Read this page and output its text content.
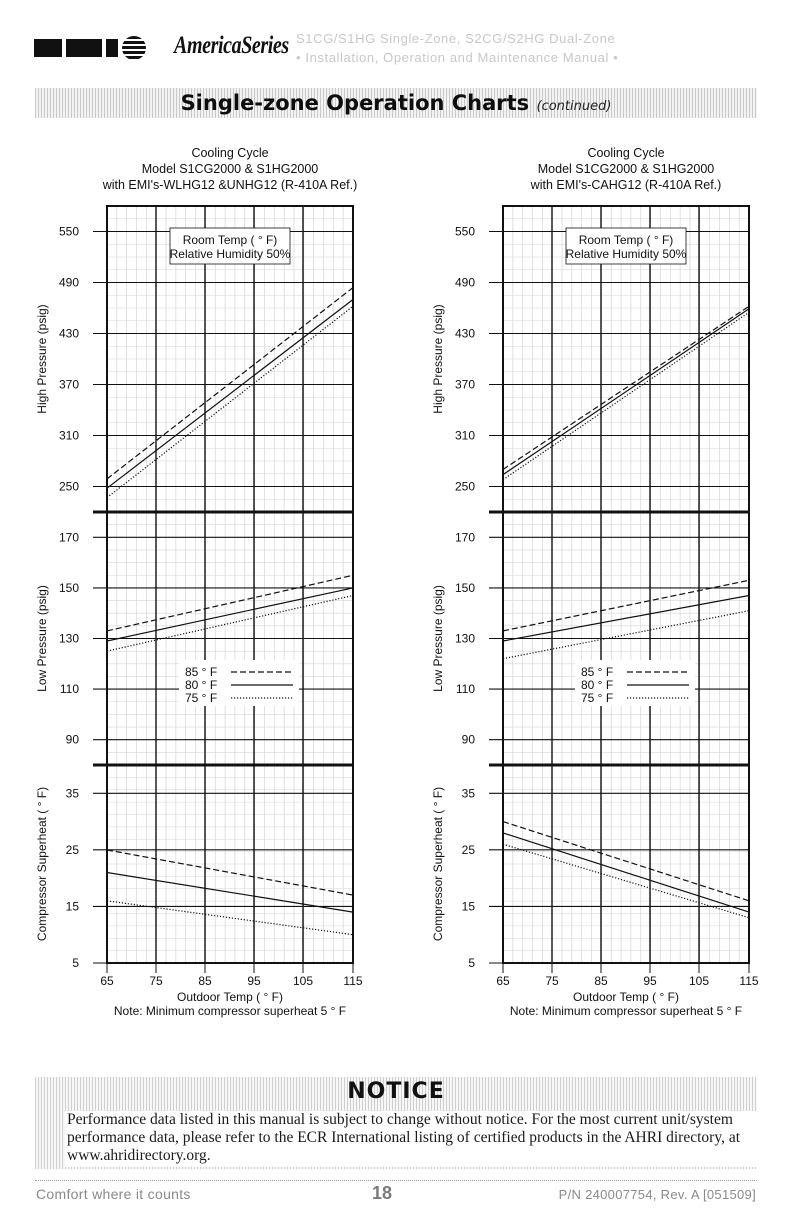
AmericaSeries S1CG/S1HG Single-Zone, S2CG/S2HG Dual-Zone
• Installation, Operation and Maintenance Manual •
Single-zone Operation Charts (continued)
Cooling Cycle
Model S1CG2000 & S1HG2000
with EMI's-WLHG12 &UNHG12 (R-410A Ref.)
550
490
430
370
310
250
High Pressure (psig)
170
150
130
110
90
Low Pressure (psig)
35
25
15
5
Compressor Superheat ( ° F)
65	75	85	95	105	115
Outdoor Temp ( ° F)
Note: Minimum compressor superheat 5 ° F
Room Temp ( ° F)
Relative Humidity 50%
85 ° F
80 ° F
75 ° F
Cooling Cycle
Model S1CG2000 & S1HG2000
with EMI's-CAHG12 (R-410A Ref.)
550
490
430
370
310
250
High Pressure (psig)
170
150
130
110
90
Low Pressure (psig)
35
25
15
5
Compressor Superheat ( ° F)
65	75	85	95	105	115
Outdoor Temp ( ° F)
Note: Minimum compressor superheat 5 ° F
Room Temp ( ° F)
Relative Humidity 50%
85 ° F
80 ° F
75 ° F
NOTICE
Performance data listed in this manual is subject to change without notice. For the most current unit/system performance data, please refer to the ECR International listing of certified products in the AHRI directory, at www.ahridirectory.org.
Comfort where it counts	18	P/N 240007754, Rev. A [051509]
